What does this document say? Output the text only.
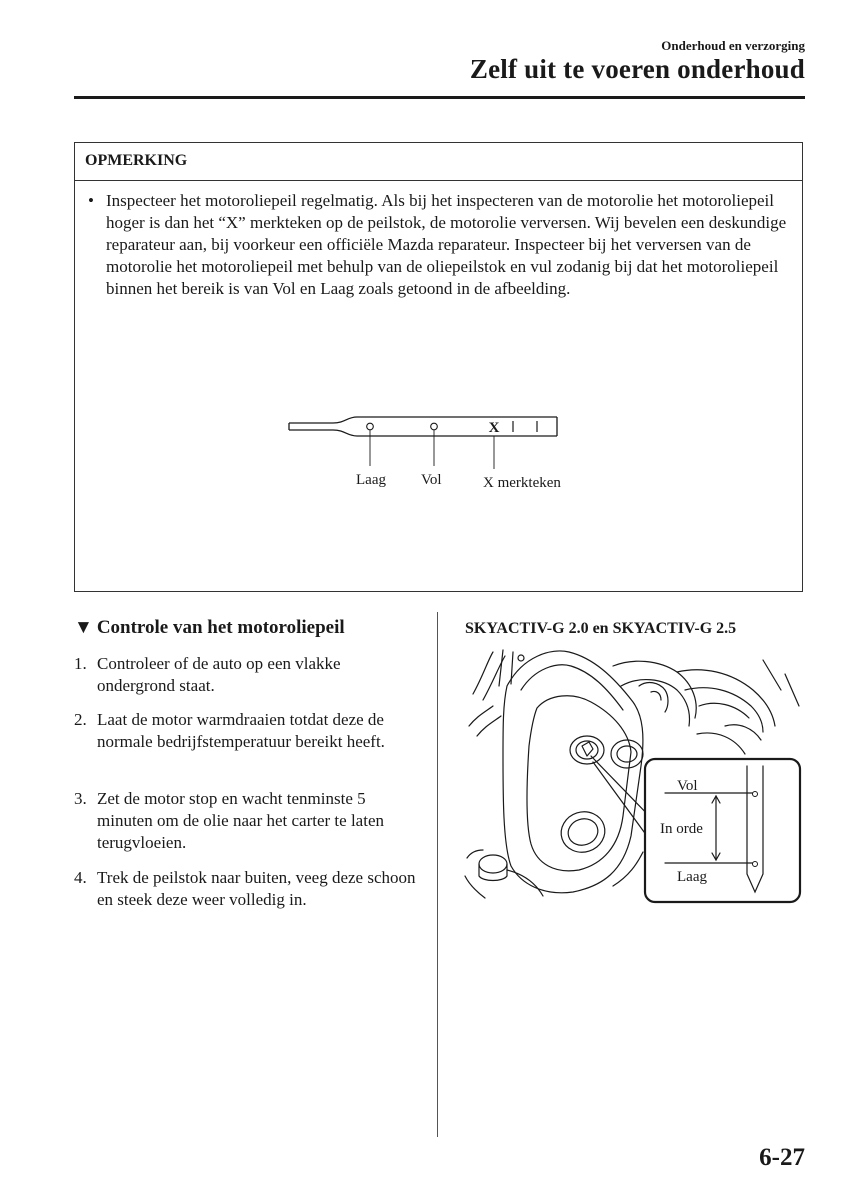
Onderhoud en verzorging

Zelf uit te voeren onderhoud
OPMERKING

• Inspecteer het motoroliepeil regelmatig. Als bij het inspecteren van de motorolie het motoroliepeil hoger is dan het “X” merkteken op de peilstok, de motorolie verversen. Wij bevelen een deskundige reparateur aan, bij voorkeur een officiële Mazda reparateur. Inspecteer bij het verversen van de motorolie het motoroliepeil met behulp van de oliepeilstok en vul zodanig bij dat het motoroliepeil binnen het bereik is van Vol en Laag zoals getoond in de afbeelding.

X
Laag Vol	X merkteken
▼ Controle van het motoroliepeil
1. Controleer of de auto op een vlakke ondergrond staat.
2. Laat de motor warmdraaien totdat deze de normale bedrijfstemperatuur bereikt heeft.
3. Zet de motor stop en wacht tenminste 5 minuten om de olie naar het carter te laten terugvloeien.
4. Trek de peilstok naar buiten, veeg deze schoon en steek deze weer volledig in.

SKYACTIV-G 2.0 en SKYACTIV-G 2.5

Vol
In orde
Laag

6-27
